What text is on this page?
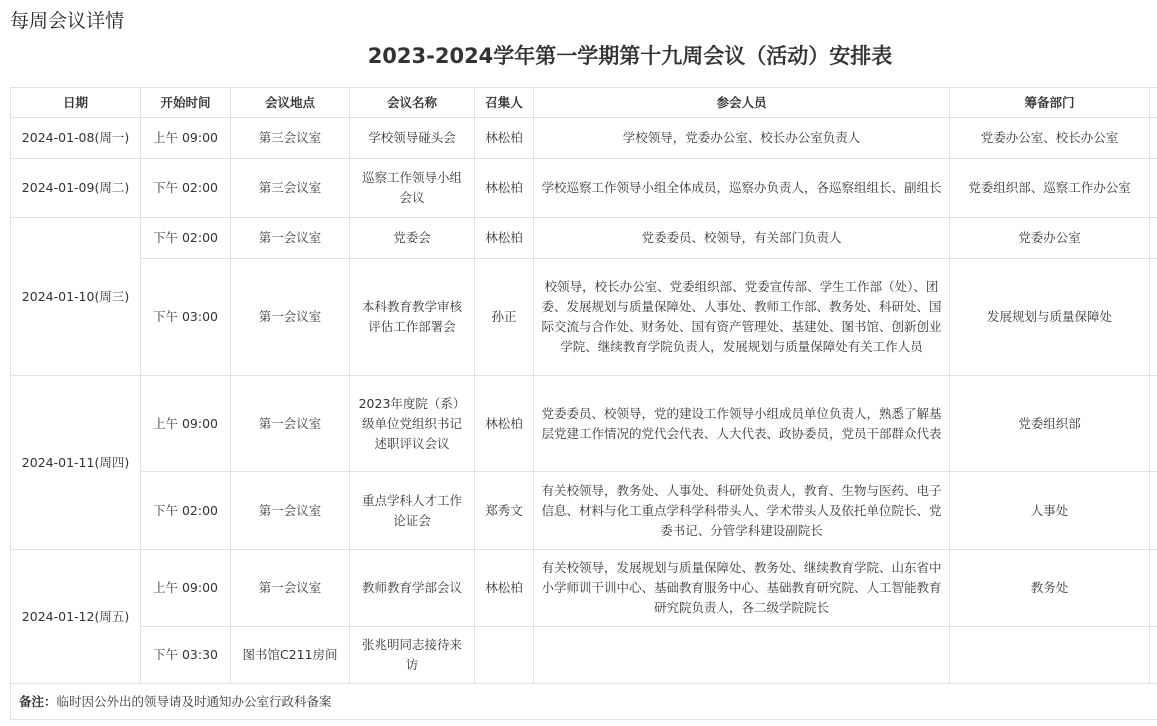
每周会议详情
2023-2024学年第一学期第十九周会议（活动）安排表
日期	开始时间	会议地点	会议名称	召集人	参会人员	筹备部门	
2024-01-08(周一)	上午 09:00	第三会议室	学校领导碰头会	林松柏	学校领导，党委办公室、校长办公室负责人	党委办公室、校长办公室	
2024-01-09(周二)	下午 02:00	第三会议室	巡察工作领导小组会议	林松柏	学校巡察工作领导小组全体成员，巡察办负责人，各巡察组组长、副组长	党委组织部、巡察工作办公室	
2024-01-10(周三)	下午 02:00	第一会议室	党委会	林松柏	党委委员、校领导，有关部门负责人	党委办公室	
	下午 03:00	第一会议室	本科教育教学审核评估工作部署会	孙正	校领导，校长办公室、党委组织部、党委宣传部、学生工作部（处）、团委、发展规划与质量保障处、人事处、教师工作部、教务处、科研处、国际交流与合作处、财务处、国有资产管理处、基建处、图书馆、创新创业学院、继续教育学院负责人，发展规划与质量保障处有关工作人员	发展规划与质量保障处	
2024-01-11(周四)	上午 09:00	第一会议室	2023年度院（系）级单位党组织书记述职评议会议	林松柏	党委委员、校领导，党的建设工作领导小组成员单位负责人，熟悉了解基层党建工作情况的党代会代表、人大代表、政协委员，党员干部群众代表	党委组织部	
	下午 02:00	第一会议室	重点学科人才工作论证会	郑秀文	有关校领导，教务处、人事处、科研处负责人，教育、生物与医药、电子信息、材料与化工重点学科学科带头人、学术带头人及依托单位院长、党委书记、分管学科建设副院长	人事处	
2024-01-12(周五)	上午 09:00	第一会议室	教师教育学部会议	林松柏	有关校领导，发展规划与质量保障处、教务处、继续教育学院、山东省中小学师训干训中心、基础教育服务中心、基础教育研究院、人工智能教育研究院负责人，各二级学院院长	教务处	
	下午 03:30	图书馆C211房间	张兆明同志接待来访				
备注：临时因公外出的领导请及时通知办公室行政科备案							
